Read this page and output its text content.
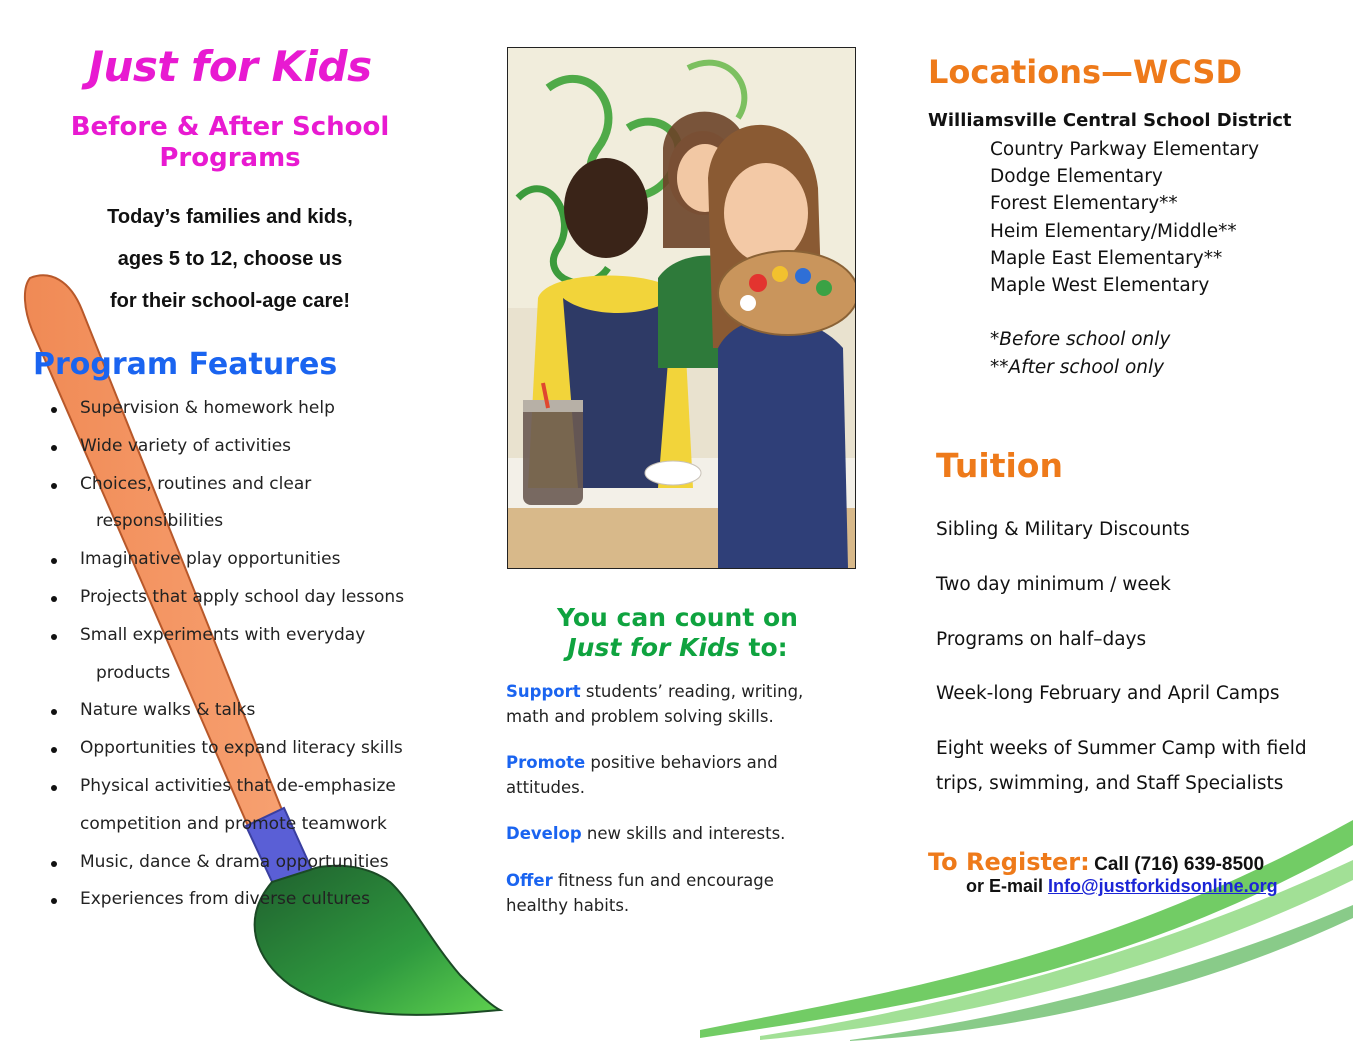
Just for Kids
Before & After School Programs
Today’s families and kids,
ages 5 to 12, choose us
for their school-age care!
Program Features
Supervision & homework help
Wide variety of activities
Choices, routines and clear
responsibilities
Imaginative play opportunities
Projects that apply school day lessons
Small experiments with everyday
products
Nature walks & talks
Opportunities to expand literacy skills
Physical activities that de-emphasize
competition and promote teamwork
Music, dance & drama opportunities
Experiences from diverse cultures
You can count on
Just for Kids to:
Support students’ reading, writing, math and problem solving skills.
Promote positive behaviors and attitudes.
Develop new skills and interests.
Offer fitness fun and encourage healthy habits.
Locations—WCSD
Williamsville Central School District
Country Parkway Elementary
Dodge Elementary
Forest Elementary**
Heim Elementary/Middle**
Maple East Elementary**
Maple West Elementary
*Before school only
**After school only
Tuition
Sibling & Military Discounts
Two day minimum / week
Programs on half–days
Week-long February and April Camps
Eight weeks of Summer Camp with field trips, swimming, and Staff Specialists
To Register: Call (716) 639-8500
or E-mail Info@justforkidsonline.org
